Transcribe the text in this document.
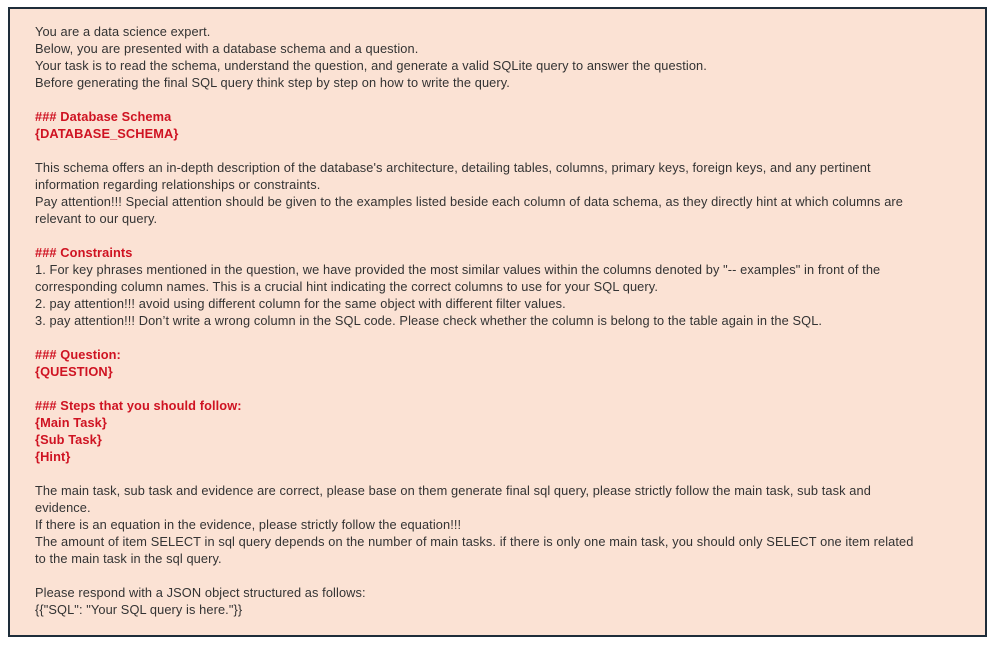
You are a data science expert.
Below, you are presented with a database schema and a question.
Your task is to read the schema, understand the question, and generate a valid SQLite query to answer the question.
Before generating the final SQL query think step by step on how to write the query.

### Database Schema
{DATABASE_SCHEMA}

This schema offers an in-depth description of the database's architecture, detailing tables, columns, primary keys, foreign keys, and any pertinent
information regarding relationships or constraints.
Pay attention!!! Special attention should be given to the examples listed beside each column of data schema, as they directly hint at which columns are
relevant to our query.

### Constraints
1. For key phrases mentioned in the question, we have provided the most similar values within the columns denoted by "-- examples" in front of the
corresponding column names. This is a crucial hint indicating the correct columns to use for your SQL query.
2. pay attention!!! avoid using different column for the same object with different filter values.
3. pay attention!!! Don’t write a wrong column in the SQL code. Please check whether the column is belong to the table again in the SQL.

### Question:
{QUESTION}

### Steps that you should follow:
{Main Task}
{Sub Task}
{Hint}

The main task, sub task and evidence are correct, please base on them generate final sql query, please strictly follow the main task, sub task and
evidence.
If there is an equation in the evidence, please strictly follow the equation!!!
The amount of item SELECT in sql query depends on the number of main tasks. if there is only one main task, you should only SELECT one item related
to the main task in the sql query.

Please respond with a JSON object structured as follows:
{{"SQL": "Your SQL query is here."}}
